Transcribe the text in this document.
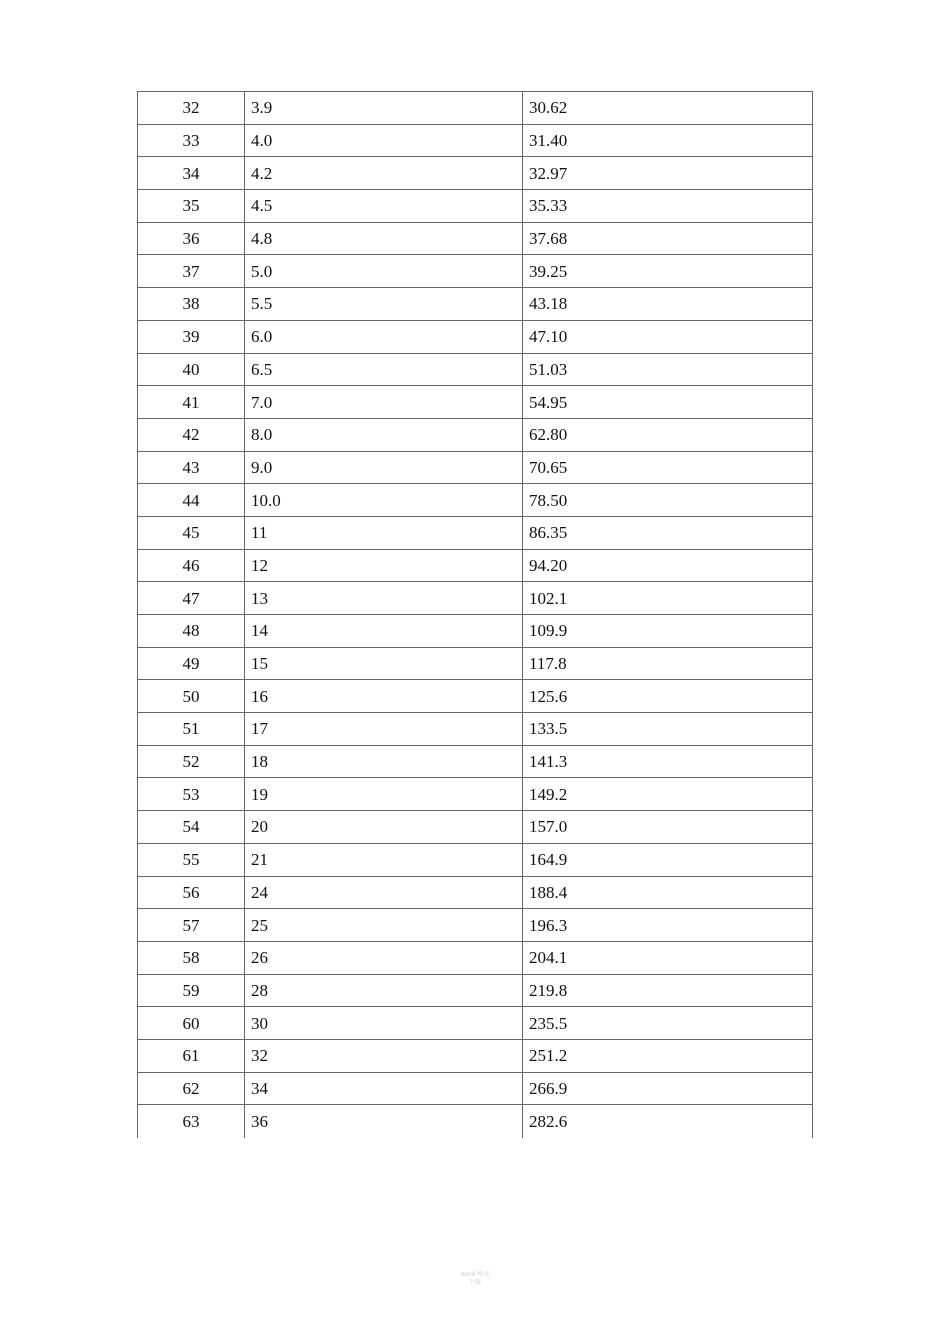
32	3.9	30.62
33	4.0	31.40
34	4.2	32.97
35	4.5	35.33
36	4.8	37.68
37	5.0	39.25
38	5.5	43.18
39	6.0	47.10
40	6.5	51.03
41	7.0	54.95
42	8.0	62.80
43	9.0	70.65
44	10.0	78.50
45	11	86.35
46	12	94.20
47	13	102.1
48	14	109.9
49	15	117.8
50	16	125.6
51	17	133.5
52	18	141.3
53	19	149.2
54	20	157.0
55	21	164.9
56	24	188.4
57	25	196.3
58	26	204.1
59	28	219.8
60	30	235.5
61	32	251.2
62	34	266.9
63	36	282.6
word 格式
下载
